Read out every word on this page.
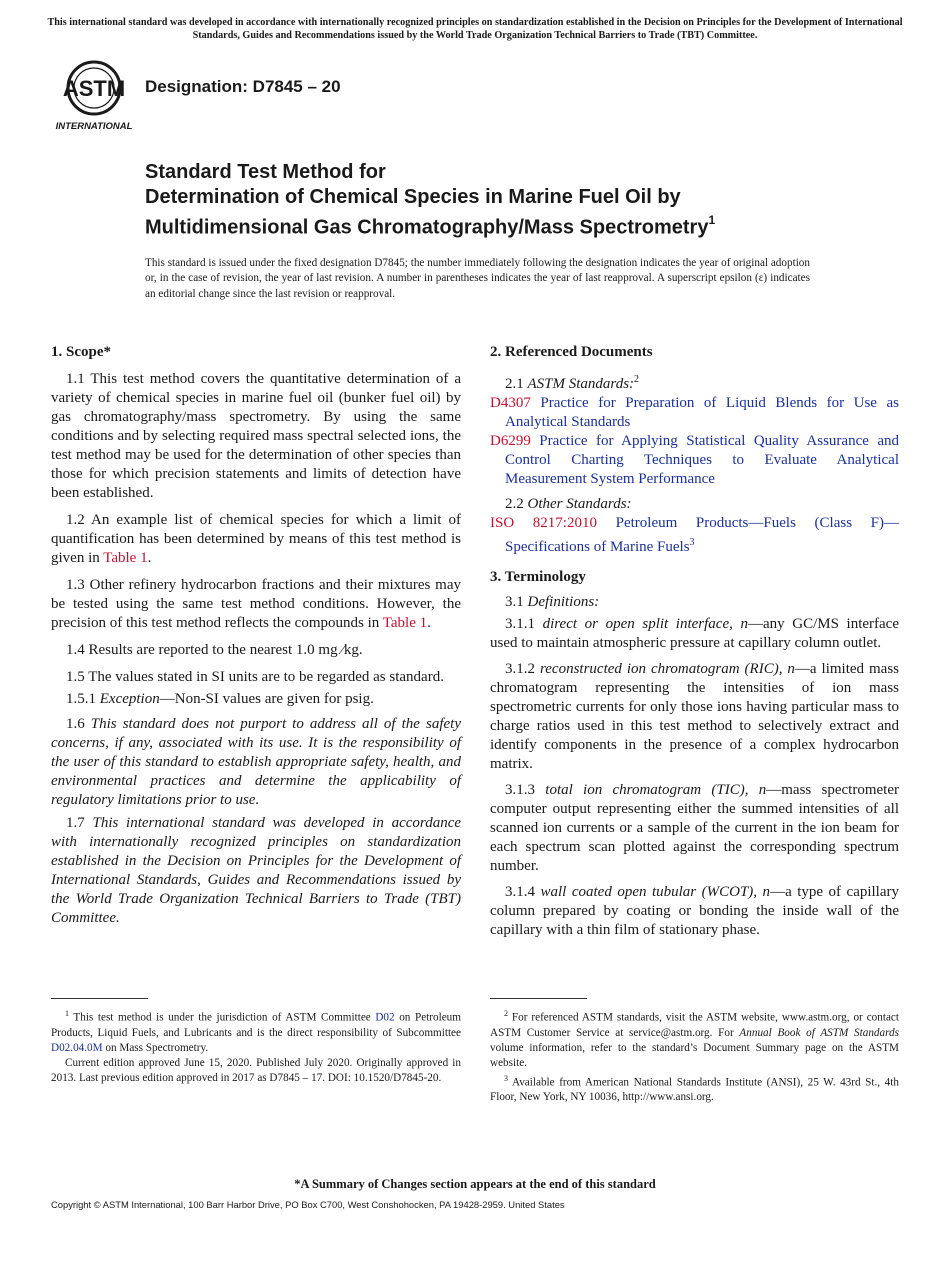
This international standard was developed in accordance with internationally recognized principles on standardization established in the Decision on Principles for the Development of International Standards, Guides and Recommendations issued by the World Trade Organization Technical Barriers to Trade (TBT) Committee.
ASTM
INTERNATIONAL
Designation: D7845 – 20
Standard Test Method for
Determination of Chemical Species in Marine Fuel Oil by
Multidimensional Gas Chromatography/Mass Spectrometry$^1$
This standard is issued under the fixed designation D7845; the number immediately following the designation indicates the year of original adoption or, in the case of revision, the year of last revision. A number in parentheses indicates the year of last reapproval. A superscript epsilon (ε) indicates an editorial change since the last revision or reapproval.
1. Scope*

1.1 This test method covers the quantitative determination of a variety of chemical species in marine fuel oil (bunker fuel oil) by gas chromatography/mass spectrometry. By using the same conditions and by selecting required mass spectral selected ions, the test method may be used for the determination of other species than those for which precision statements and limits of detection have been established.

1.2 An example list of chemical species for which a limit of quantification has been determined by means of this test method is given in Table 1.

1.3 Other refinery hydrocarbon fractions and their mixtures may be tested using the same test method conditions. However, the precision of this test method reflects the compounds in Table 1.

1.4 Results are reported to the nearest 1.0 mg ⁄kg.

1.5 The values stated in SI units are to be regarded as standard.

1.5.1 Exception—Non-SI values are given for psig.

1.6 This standard does not purport to address all of the safety concerns, if any, associated with its use. It is the responsibility of the user of this standard to establish appropriate safety, health, and environmental practices and determine the applicability of regulatory limitations prior to use.

1.7 This international standard was developed in accordance with internationally recognized principles on standardization established in the Decision on Principles for the Development of International Standards, Guides and Recommendations issued by the World Trade Organization Technical Barriers to Trade (TBT) Committee.

2. Referenced Documents

2.1 ASTM Standards:$^2$

D4307 Practice for Preparation of Liquid Blends for Use as Analytical Standards

D6299 Practice for Applying Statistical Quality Assurance and Control Charting Techniques to Evaluate Analytical Measurement System Performance

2.2 Other Standards:

ISO 8217:2010 Petroleum Products—Fuels (Class F)—Specifications of Marine Fuels$^3$

3. Terminology

3.1 Definitions:

3.1.1 direct or open split interface, n—any GC/MS interface used to maintain atmospheric pressure at capillary column outlet.

3.1.2 reconstructed ion chromatogram (RIC), n—a limited mass chromatogram representing the intensities of ion mass spectrometric currents for only those ions having particular mass to charge ratios used in this test method to selectively extract and identify components in the presence of a complex hydrocarbon matrix.

3.1.3 total ion chromatogram (TIC), n—mass spectrometer computer output representing either the summed intensities of all scanned ion currents or a sample of the current in the ion beam for each spectrum scan plotted against the corresponding spectrum number.

3.1.4 wall coated open tubular (WCOT), n—a type of capillary column prepared by coating or bonding the inside wall of the capillary with a thin film of stationary phase.

$^1$ This test method is under the jurisdiction of ASTM Committee D02 on Petroleum Products, Liquid Fuels, and Lubricants and is the direct responsibility of Subcommittee D02.04.0M on Mass Spectrometry.

Current edition approved June 15, 2020. Published July 2020. Originally approved in 2013. Last previous edition approved in 2017 as D7845 – 17. DOI: 10.1520/D7845-20.

$^2$ For referenced ASTM standards, visit the ASTM website, www.astm.org, or contact ASTM Customer Service at service@astm.org. For Annual Book of ASTM Standards volume information, refer to the standard’s Document Summary page on the ASTM website.

$^3$ Available from American National Standards Institute (ANSI), 25 W. 43rd St., 4th Floor, New York, NY 10036, http://www.ansi.org.

*A Summary of Changes section appears at the end of this standard
Copyright © ASTM International, 100 Barr Harbor Drive, PO Box C700, West Conshohocken, PA 19428-2959. United States
